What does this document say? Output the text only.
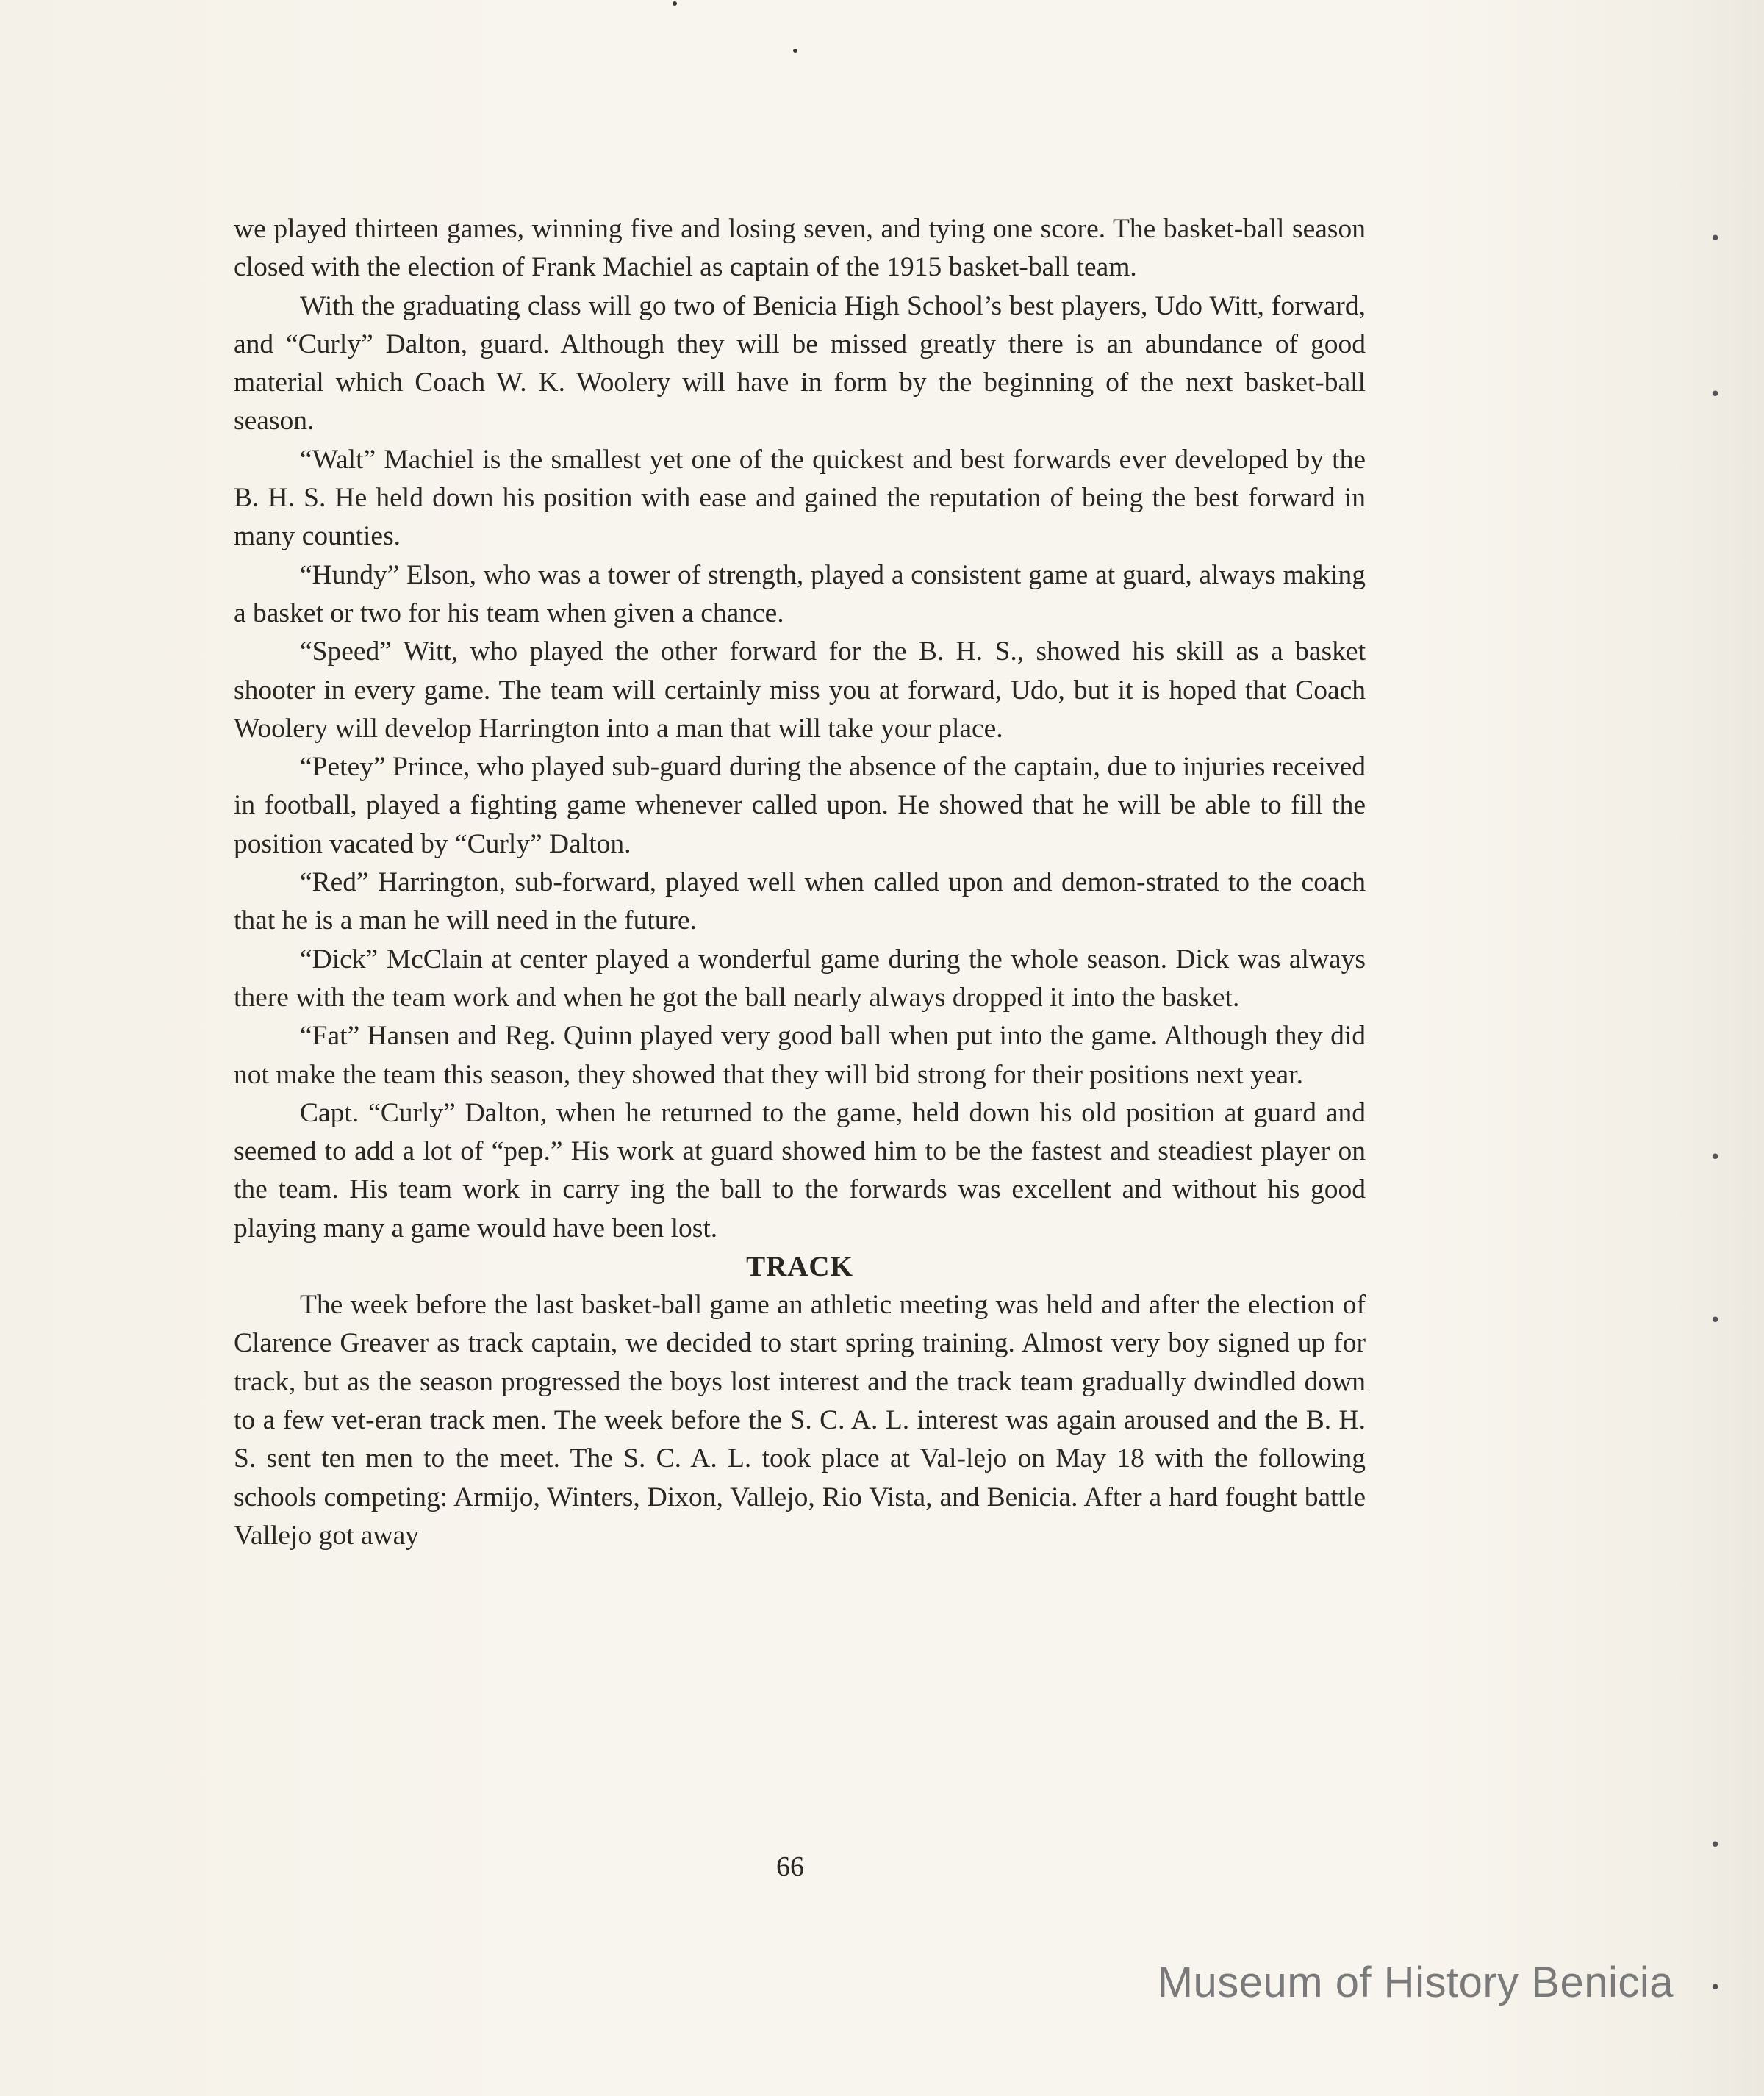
we played thirteen games, winning five and losing seven, and tying one score. The basket-ball season closed with the election of Frank Machiel as captain of the 1915 basket-ball team.

With the graduating class will go two of Benicia High School’s best players, Udo Witt, forward, and “Curly” Dalton, guard. Although they will be missed greatly there is an abundance of good material which Coach W. K. Woolery will have in form by the beginning of the next basket-ball season.

“Walt” Machiel is the smallest yet one of the quickest and best forwards ever developed by the B. H. S. He held down his position with ease and gained the reputation of being the best forward in many counties.

“Hundy” Elson, who was a tower of strength, played a consistent game at guard, always making a basket or two for his team when given a chance.

“Speed” Witt, who played the other forward for the B. H. S., showed his skill as a basket shooter in every game. The team will certainly miss you at forward, Udo, but it is hoped that Coach Woolery will develop Harrington into a man that will take your place.

“Petey” Prince, who played sub-guard during the absence of the captain, due to injuries received in football, played a fighting game whenever called upon. He showed that he will be able to fill the position vacated by “Curly” Dalton.

“Red” Harrington, sub-forward, played well when called upon and demon-strated to the coach that he is a man he will need in the future.

“Dick” McClain at center played a wonderful game during the whole season. Dick was always there with the team work and when he got the ball nearly always dropped it into the basket.

“Fat” Hansen and Reg. Quinn played very good ball when put into the game. Although they did not make the team this season, they showed that they will bid strong for their positions next year.

Capt. “Curly” Dalton, when he returned to the game, held down his old position at guard and seemed to add a lot of “pep.” His work at guard showed him to be the fastest and steadiest player on the team. His team work in carry ing the ball to the forwards was excellent and without his good playing many a game would have been lost.

TRACK

The week before the last basket-ball game an athletic meeting was held and after the election of Clarence Greaver as track captain, we decided to start spring training. Almost very boy signed up for track, but as the season progressed the boys lost interest and the track team gradually dwindled down to a few vet-eran track men. The week before the S. C. A. L. interest was again aroused and the B. H. S. sent ten men to the meet. The S. C. A. L. took place at Val-lejo on May 18 with the following schools competing: Armijo, Winters, Dixon, Vallejo, Rio Vista, and Benicia. After a hard fought battle Vallejo got away

66
Museum of History Benicia
•
•
•
•
•
•
